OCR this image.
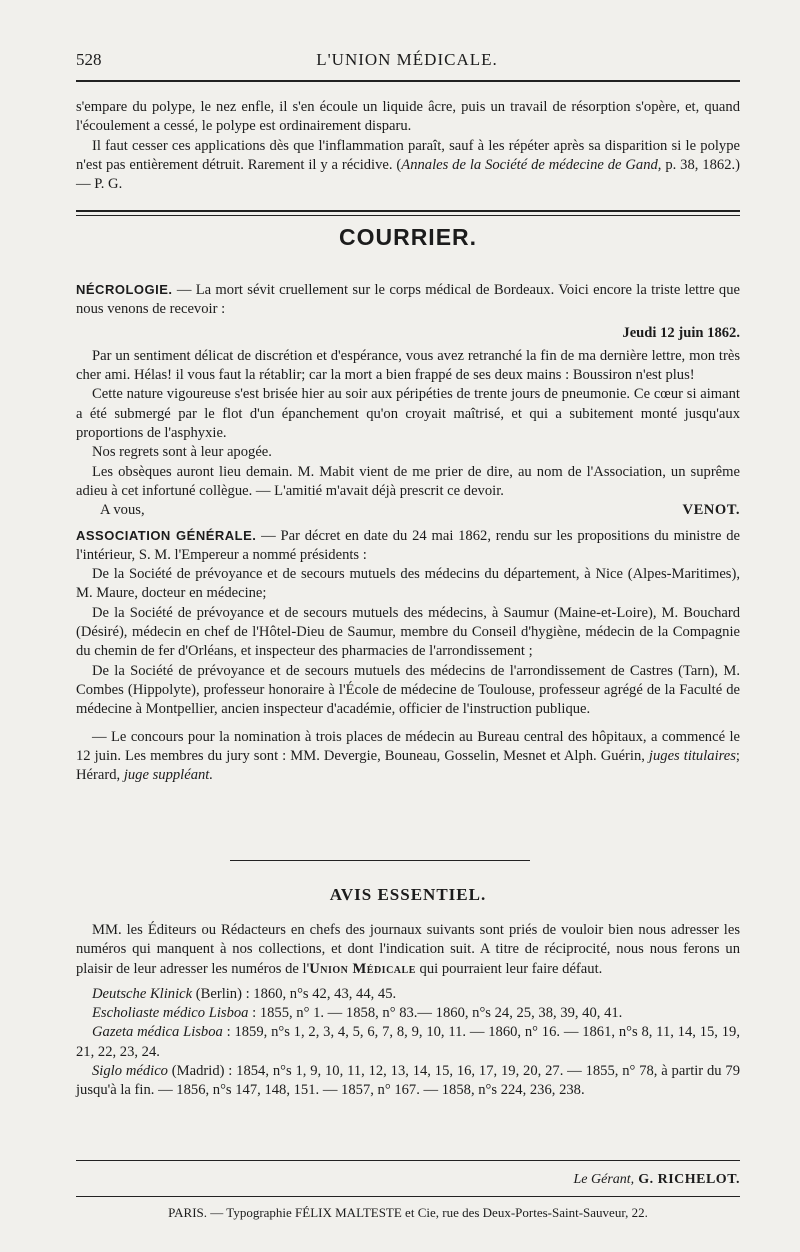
528	L'UNION MÉDICALE.

s'empare du polype, le nez enfle, il s'en écoule un liquide âcre, puis un travail de résorption s'opère, et, quand l'écoulement a cessé, le polype est ordinairement disparu.

Il faut cesser ces applications dès que l'inflammation paraît, sauf à les répéter après sa disparition si le polype n'est pas entièrement détruit. Rarement il y a récidive. (Annales de la Société de médecine de Gand, p. 38, 1862.) — P. G.

COURRIER.

NÉCROLOGIE. — La mort sévit cruellement sur le corps médical de Bordeaux. Voici encore la triste lettre que nous venons de recevoir :

Jeudi 12 juin 1862.

Par un sentiment délicat de discrétion et d'espérance, vous avez retranché la fin de ma dernière lettre, mon très cher ami. Hélas! il vous faut la rétablir; car la mort a bien frappé de ses deux mains : Boussiron n'est plus!

Cette nature vigoureuse s'est brisée hier au soir aux péripéties de trente jours de pneumonie. Ce cœur si aimant a été submergé par le flot d'un épanchement qu'on croyait maîtrisé, et qui a subitement monté jusqu'aux proportions de l'asphyxie.

Nos regrets sont à leur apogée.

Les obsèques auront lieu demain. M. Mabit vient de me prier de dire, au nom de l'Association, un suprême adieu à cet infortuné collègue. — L'amitié m'avait déjà prescrit ce devoir.

A vous,	VENOT.

ASSOCIATION GÉNÉRALE. — Par décret en date du 24 mai 1862, rendu sur les propositions du ministre de l'intérieur, S. M. l'Empereur a nommé présidents :

De la Société de prévoyance et de secours mutuels des médecins du département, à Nice (Alpes-Maritimes), M. Maure, docteur en médecine;

De la Société de prévoyance et de secours mutuels des médecins, à Saumur (Maine-et-Loire), M. Bouchard (Désiré), médecin en chef de l'Hôtel-Dieu de Saumur, membre du Conseil d'hygiène, médecin de la Compagnie du chemin de fer d'Orléans, et inspecteur des pharmacies de l'arrondissement ;

De la Société de prévoyance et de secours mutuels des médecins de l'arrondissement de Castres (Tarn), M. Combes (Hippolyte), professeur honoraire à l'École de médecine de Toulouse, professeur agrégé de la Faculté de médecine à Montpellier, ancien inspecteur d'académie, officier de l'instruction publique.

— Le concours pour la nomination à trois places de médecin au Bureau central des hôpitaux, a commencé le 12 juin. Les membres du jury sont : MM. Devergie, Bouneau, Gosselin, Mesnet et Alph. Guérin, juges titulaires; Hérard, juge suppléant.

AVIS ESSENTIEL.

MM. les Éditeurs ou Rédacteurs en chefs des journaux suivants sont priés de vouloir bien nous adresser les numéros qui manquent à nos collections, et dont l'indication suit. A titre de réciprocité, nous nous ferons un plaisir de leur adresser les numéros de l'Union Médicale qui pourraient leur faire défaut.

Deutsche Klinick (Berlin) : 1860, n°s 42, 43, 44, 45.

Escholiaste médico Lisboa : 1855, n° 1. — 1858, n° 83.— 1860, n°s 24, 25, 38, 39, 40, 41.

Gazeta médica Lisboa : 1859, n°s 1, 2, 3, 4, 5, 6, 7, 8, 9, 10, 11. — 1860, n° 16. — 1861, n°s 8, 11, 14, 15, 19, 21, 22, 23, 24.

Siglo médico (Madrid) : 1854, n°s 1, 9, 10, 11, 12, 13, 14, 15, 16, 17, 19, 20, 27. — 1855, n° 78, à partir du 79 jusqu'à la fin. — 1856, n°s 147, 148, 151. — 1857, n° 167. — 1858, n°s 224, 236, 238.

Le Gérant, G. RICHELOT.
PARIS. — Typographie FÉLIX MALTESTE et Cie, rue des Deux-Portes-Saint-Sauveur, 22.
